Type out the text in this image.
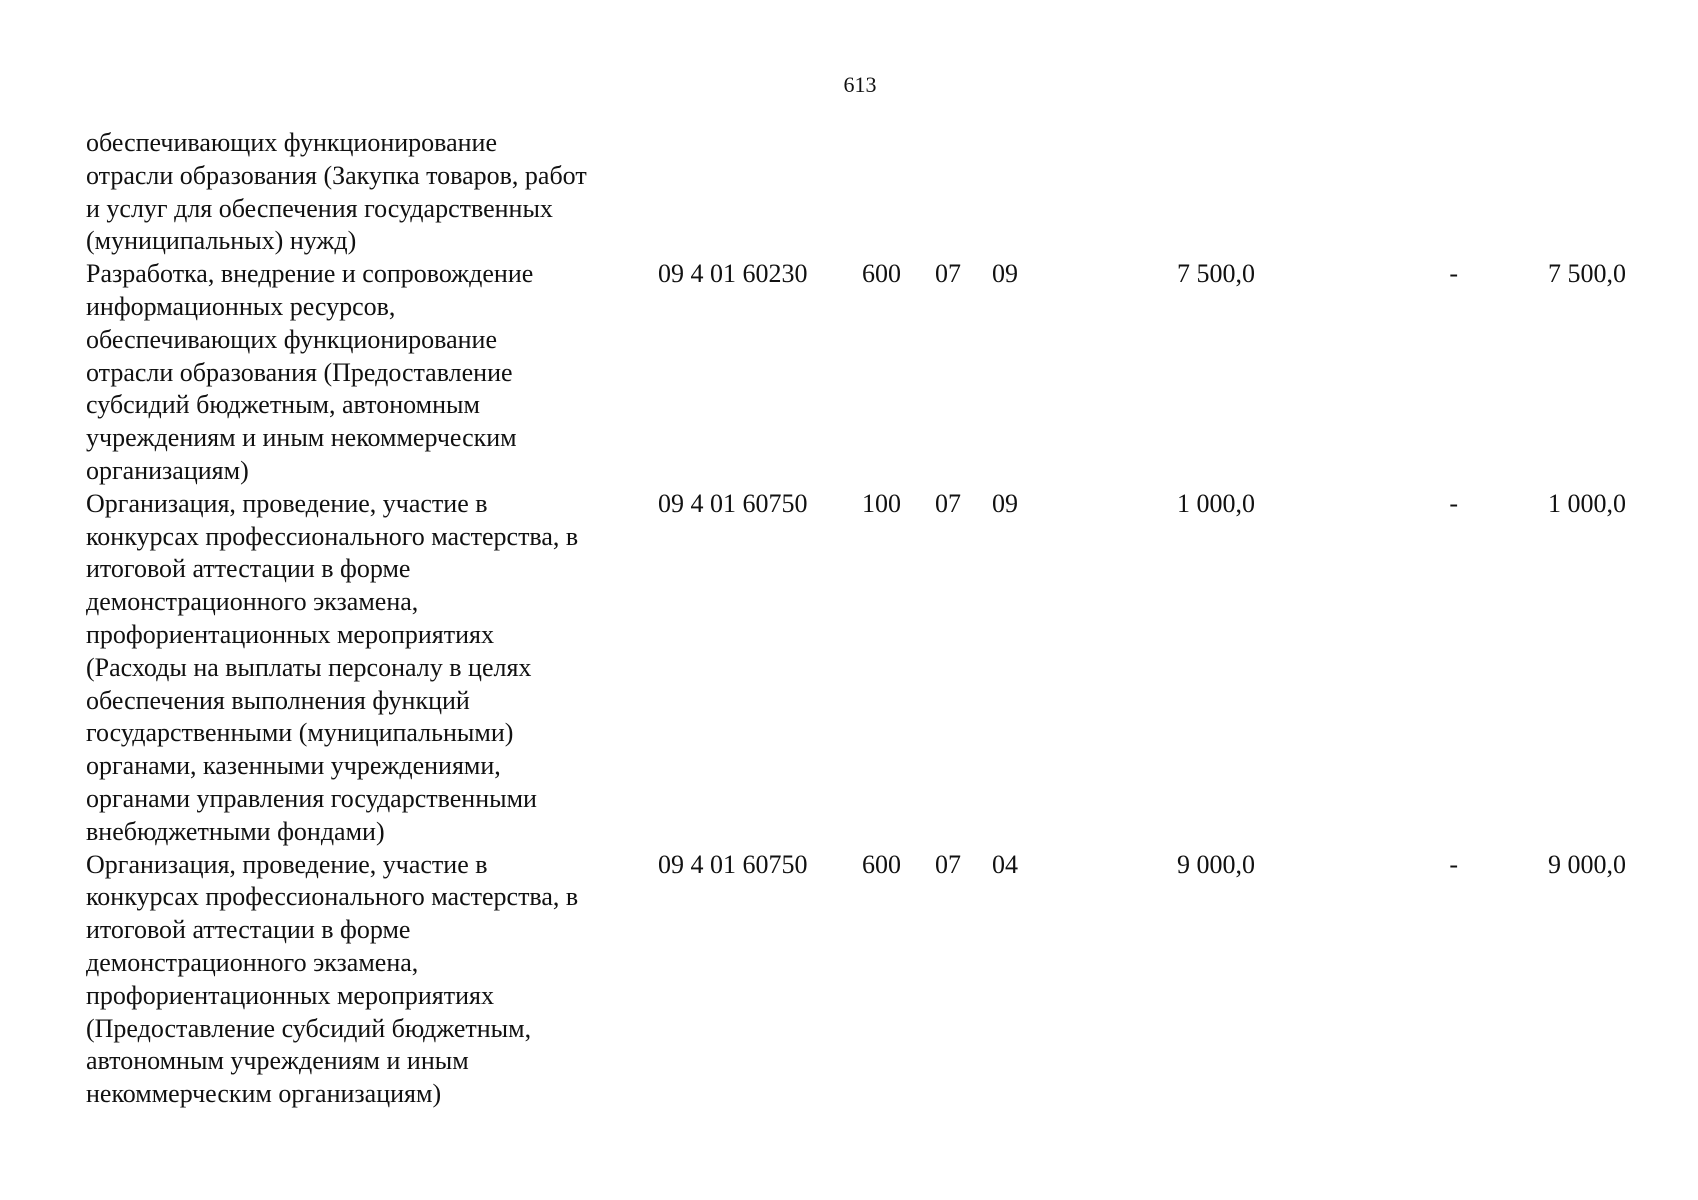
613
обеспечивающих функционирование
отрасли образования (Закупка товаров, работ
и услуг для обеспечения государственных
(муниципальных) нужд)
Разработка, внедрение и сопровождение
информационных ресурсов,
обеспечивающих функционирование
отрасли образования (Предоставление
субсидий бюджетным, автономным
учреждениям и иным некоммерческим
организациям)
09 4 01 60230 600 07 09	7 500,0	-	7 500,0
Организация, проведение, участие в
конкурсах профессионального мастерства, в
итоговой аттестации в форме
демонстрационного экзамена,
профориентационных мероприятиях
(Расходы на выплаты персоналу в целях
обеспечения выполнения функций
государственными (муниципальными)
органами, казенными учреждениями,
органами управления государственными
внебюджетными фондами)
09 4 01 60750 100 07 09	1 000,0	-	1 000,0
Организация, проведение, участие в
конкурсах профессионального мастерства, в
итоговой аттестации в форме
демонстрационного экзамена,
профориентационных мероприятиях
(Предоставление субсидий бюджетным,
автономным учреждениям и иным
некоммерческим организациям)
09 4 01 60750 600 07 04	9 000,0	-	9 000,0
